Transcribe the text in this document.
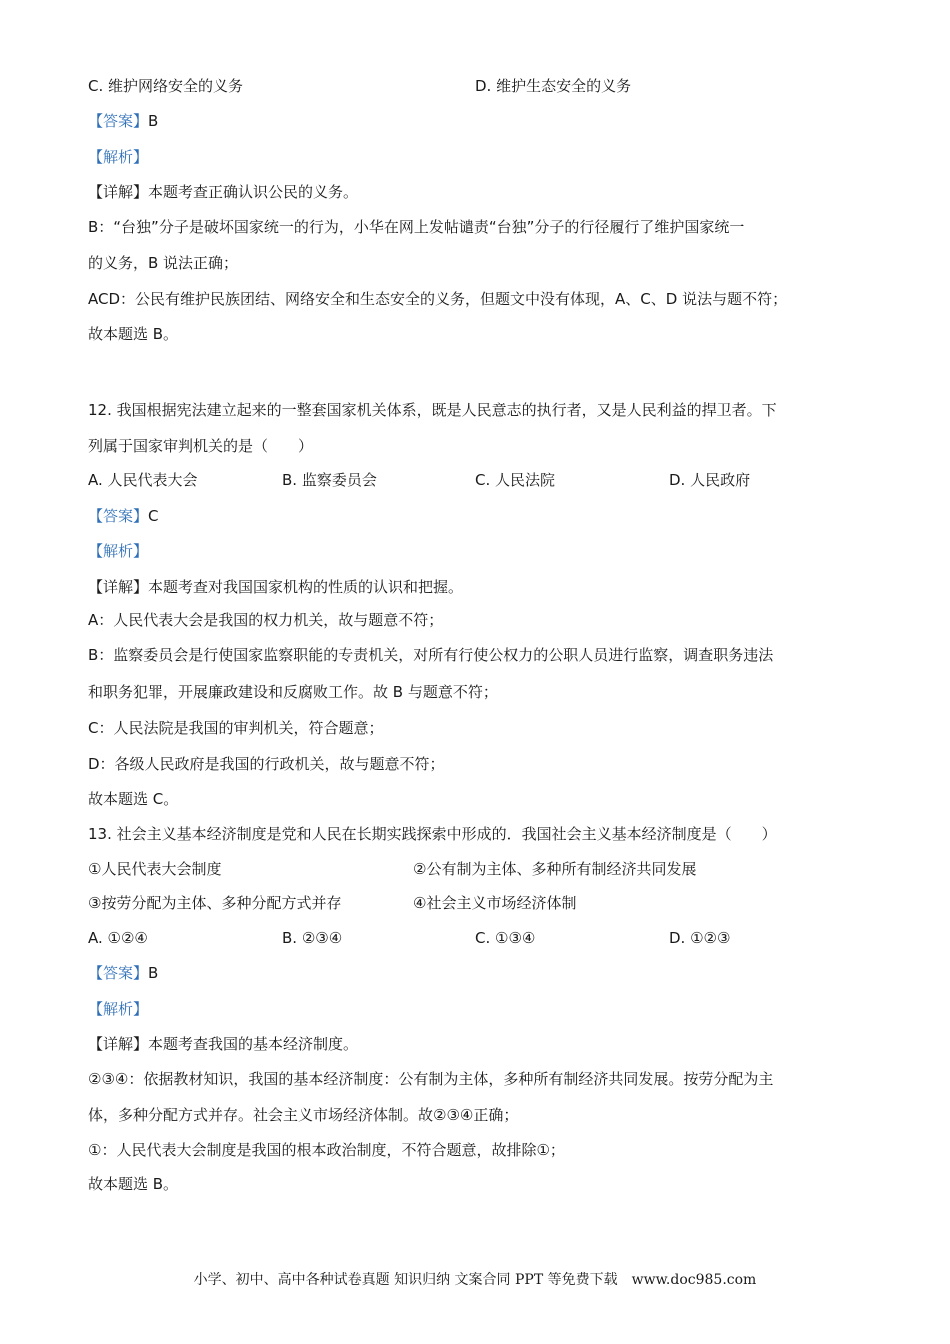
C. 维护网络安全的义务	D. 维护生态安全的义务
【答案】B
【解析】
【详解】本题考查正确认识公民的义务。
B：“台独”分子是破坏国家统一的行为，小华在网上发帖谴责“台独”分子的行径履行了维护国家统一
的义务，B 说法正确；
ACD：公民有维护民族团结、网络安全和生态安全的义务，但题文中没有体现，A、C、D 说法与题不符；
故本题选 B。
12. 我国根据宪法建立起来的一整套国家机关体系，既是人民意志的执行者，又是人民利益的捍卫者。下
列属于国家审判机关的是（　　）
A. 人民代表大会	B. 监察委员会	C. 人民法院	D. 人民政府
【答案】C
【解析】
【详解】本题考查对我国国家机构的性质的认识和把握。
A：人民代表大会是我国的权力机关，故与题意不符；
B：监察委员会是行使国家监察职能的专责机关，对所有行使公权力的公职人员进行监察，调查职务违法
和职务犯罪，开展廉政建设和反腐败工作。故 B 与题意不符；
C：人民法院是我国的审判机关，符合题意；
D：各级人民政府是我国的行政机关，故与题意不符；
故本题选 C。
13. 社会主义基本经济制度是党和人民在长期实践探索中形成的．我国社会主义基本经济制度是（　　）
①人民代表大会制度	②公有制为主体、多种所有制经济共同发展
③按劳分配为主体、多种分配方式并存	④社会主义市场经济体制
A. ①②④	B. ②③④	C. ①③④	D. ①②③
【答案】B
【解析】
【详解】本题考查我国的基本经济制度。
②③④：依据教材知识，我国的基本经济制度：公有制为主体，多种所有制经济共同发展。按劳分配为主
体，多种分配方式并存。社会主义市场经济体制。故②③④正确；
①：人民代表大会制度是我国的根本政治制度，不符合题意，故排除①；
故本题选 B。
小学、初中、高中各种试卷真题 知识归纳 文案合同 PPT 等免费下载　www.doc985.com
